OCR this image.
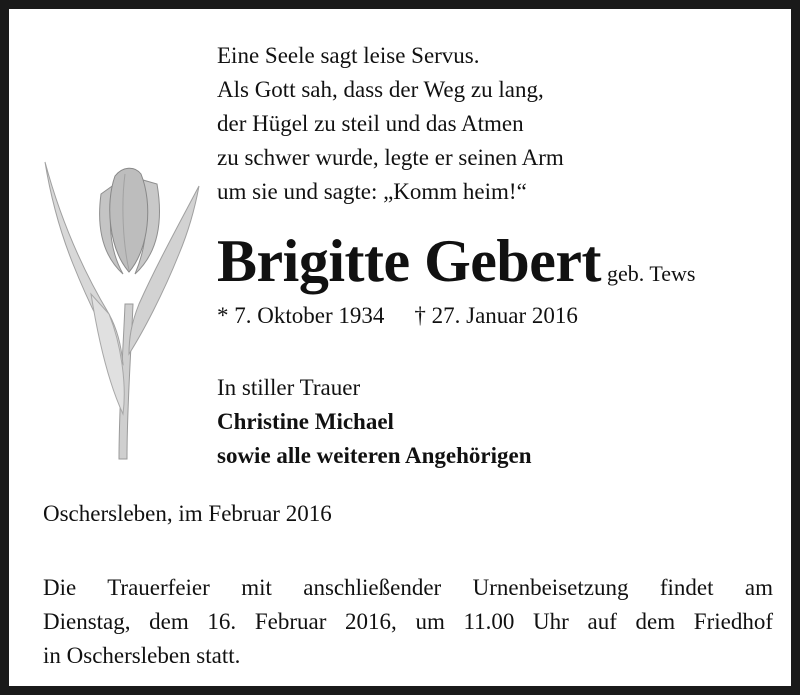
Eine Seele sagt leise Servus.
Als Gott sah, dass der Weg zu lang,
der Hügel zu steil und das Atmen
zu schwer wurde, legte er seinen Arm
um sie und sagte: „Komm heim!“
Brigitte Gebert geb. Tews
* 7. Oktober 1934 † 27. Januar 2016
In stiller Trauer
Christine Michael
sowie alle weiteren Angehörigen
Oschersleben, im Februar 2016
Die Trauerfeier mit anschließender Urnenbeisetzung findet am
Dienstag, dem 16. Februar 2016, um 11.00 Uhr auf dem Friedhof
in Oschersleben statt.
